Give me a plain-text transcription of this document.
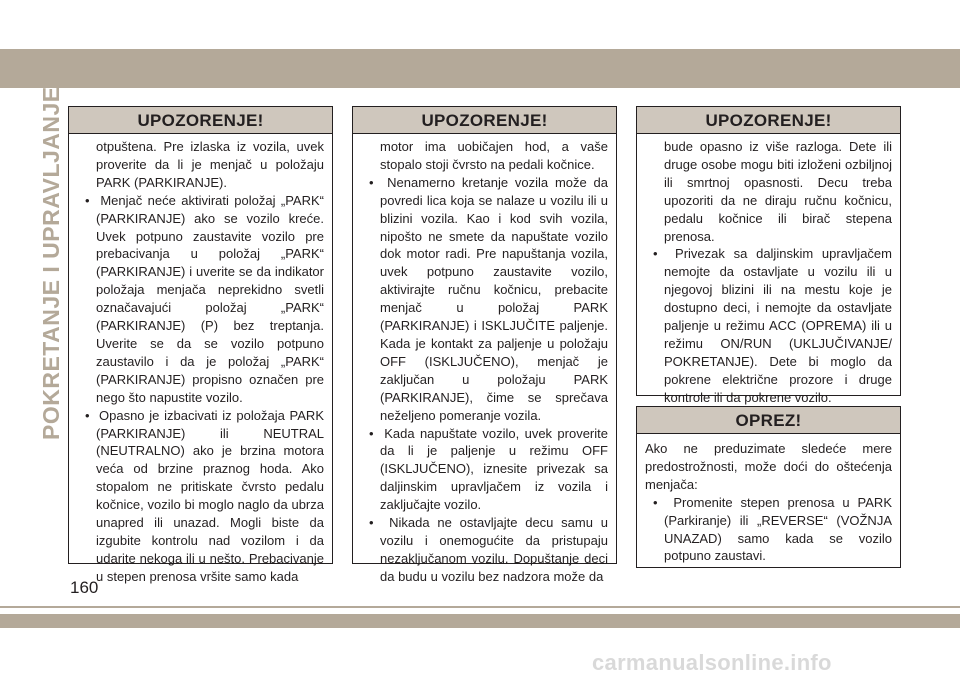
POKRETANJE I UPRAVLJANJE
160
UPOZORENJE!

otpuštena. Pre izlaska iz vozila, uvek proverite da li je menjač u položaju PARK (PARKIRANJE).

•  Menjač neće aktivirati položaj „PARK“ (PARKIRANJE) ako se vozilo kreće. Uvek potpuno zaustavite vozilo pre prebacivanja u položaj „PARK“ (PARKIRANJE) i uverite se da indikator položaja menjača neprekidno svetli označavajući položaj „PARK“ (PARKIRANJE) (P) bez treptanja. Uverite se da se vozilo potpuno zaustavilo i da je položaj „PARK“ (PARKIRANJE) propisno označen pre nego što napustite vozilo.

•  Opasno je izbacivati iz položaja PARK (PARKIRANJE) ili NEUTRAL (NEUTRALNO) ako je brzina motora veća od brzine praznog hoda. Ako stopalom ne pritiskate čvrsto pedalu kočnice, vozilo bi moglo naglo da ubrza unapred ili unazad. Mogli biste da izgubite kontrolu nad vozilom i da udarite nekoga ili u nešto. Prebacivanje u stepen prenosa vršite samo kada

UPOZORENJE!

motor ima uobičajen hod, a vaše stopalo stoji čvrsto na pedali kočnice.

•  Nenamerno kretanje vozila može da povredi lica koja se nalaze u vozilu ili u blizini vozila. Kao i kod svih vozila, nipošto ne smete da napuštate vozilo dok motor radi. Pre napuštanja vozila, uvek potpuno zaustavite vozilo, aktivirajte ručnu kočnicu, prebacite menjač u položaj PARK (PARKIRANJE) i ISKLJUČITE paljenje. Kada je kontakt za paljenje u položaju OFF (ISKLJUČENO), menjač je zaključan u položaju PARK (PARKIRANJE), čime se sprečava neželjeno pomeranje vozila.

•  Kada napuštate vozilo, uvek proverite da li je paljenje u režimu OFF (ISKLJUČENO), iznesite privezak sa daljinskim upravljačem iz vozila i zaključajte vozilo.

•  Nikada ne ostavljajte decu samu u vozilu i onemogućite da pristupaju nezaključanom vozilu. Dopuštanje deci da budu u vozilu bez nadzora može da

UPOZORENJE!

bude opasno iz više razloga. Dete ili druge osobe mogu biti izloženi ozbiljnoj ili smrtnoj opasnosti. Decu treba upozoriti da ne diraju ručnu kočnicu, pedalu kočnice ili birač stepena prenosa.

•  Privezak sa daljinskim upravljačem nemojte da ostavljate u vozilu ili u njegovoj blizini ili na mestu koje je dostupno deci, i nemojte da ostavljate paljenje u režimu ACC (OPREMA) ili u režimu ON/RUN (UKLJUČIVANJE/ POKRETANJE). Dete bi moglo da pokrene električne prozore i druge kontrole ili da pokrene vozilo.

OPREZ!

Ako ne preduzimate sledeće mere predostrožnosti, može doći do oštećenja menjača:

•  Promenite stepen prenosa u PARK (Parkiranje) ili „REVERSE“ (VOŽNJA UNAZAD) samo kada se vozilo potpuno zaustavi.

carmanualsonline.info
